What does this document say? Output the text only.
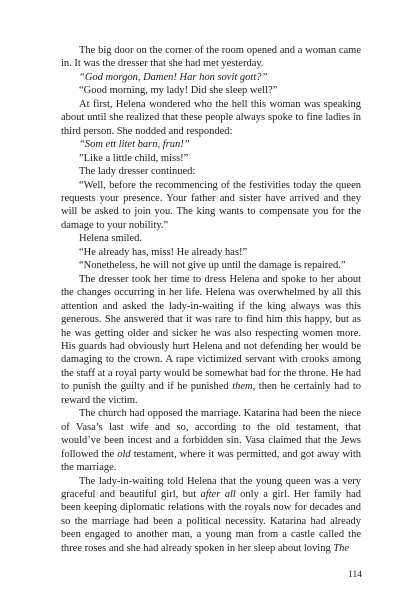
The big door on the corner of the room opened and a woman came in. It was the dresser that she had met yesterday.

“God morgon, Damen! Har hon sovit gott?”

“Good morning, my lady! Did she sleep well?”

At first, Helena wondered who the hell this woman was speaking about until she realized that these people always spoke to fine ladies in third person. She nodded and responded:

“Som ett litet barn, frun!”

”Like a little child, miss!”

The lady dresser continued:

“Well, before the recommencing of the festivities today the queen requests your presence. Your father and sister have arrived and they will be asked to join you. The king wants to compensate you for the damage to your nobility.”

Helena smiled.

“He already has, miss! He already has!”

“Nonetheless, he will not give up until the damage is repaired.”

The dresser took her time to dress Helena and spoke to her about the changes occurring in her life. Helena was overwhelmed by all this attention and asked the lady-in-waiting if the king always was this generous. She answered that it was rare to find him this happy, but as he was getting older and sicker he was also respecting women more. His guards had obviously hurt Helena and not defending her would be damaging to the crown. A rape victimized servant with crooks among the staff at a royal party would be somewhat bad for the throne. He had to punish the guilty and if he punished them, then he certainly had to reward the victim.

The church had opposed the marriage. Katarina had been the niece of Vasa’s last wife and so, according to the old testament, that would’ve been incest and a forbidden sin. Vasa claimed that the Jews followed the old testament, where it was permitted, and got away with the marriage.

The lady-in-waiting told Helena that the young queen was a very graceful and beautiful girl, but after all only a girl. Her family had been keeping diplomatic relations with the royals now for decades and so the marriage had been a political necessity. Katarina had already been engaged to another man, a young man from a castle called the three roses and she had already spoken in her sleep about loving The

114
